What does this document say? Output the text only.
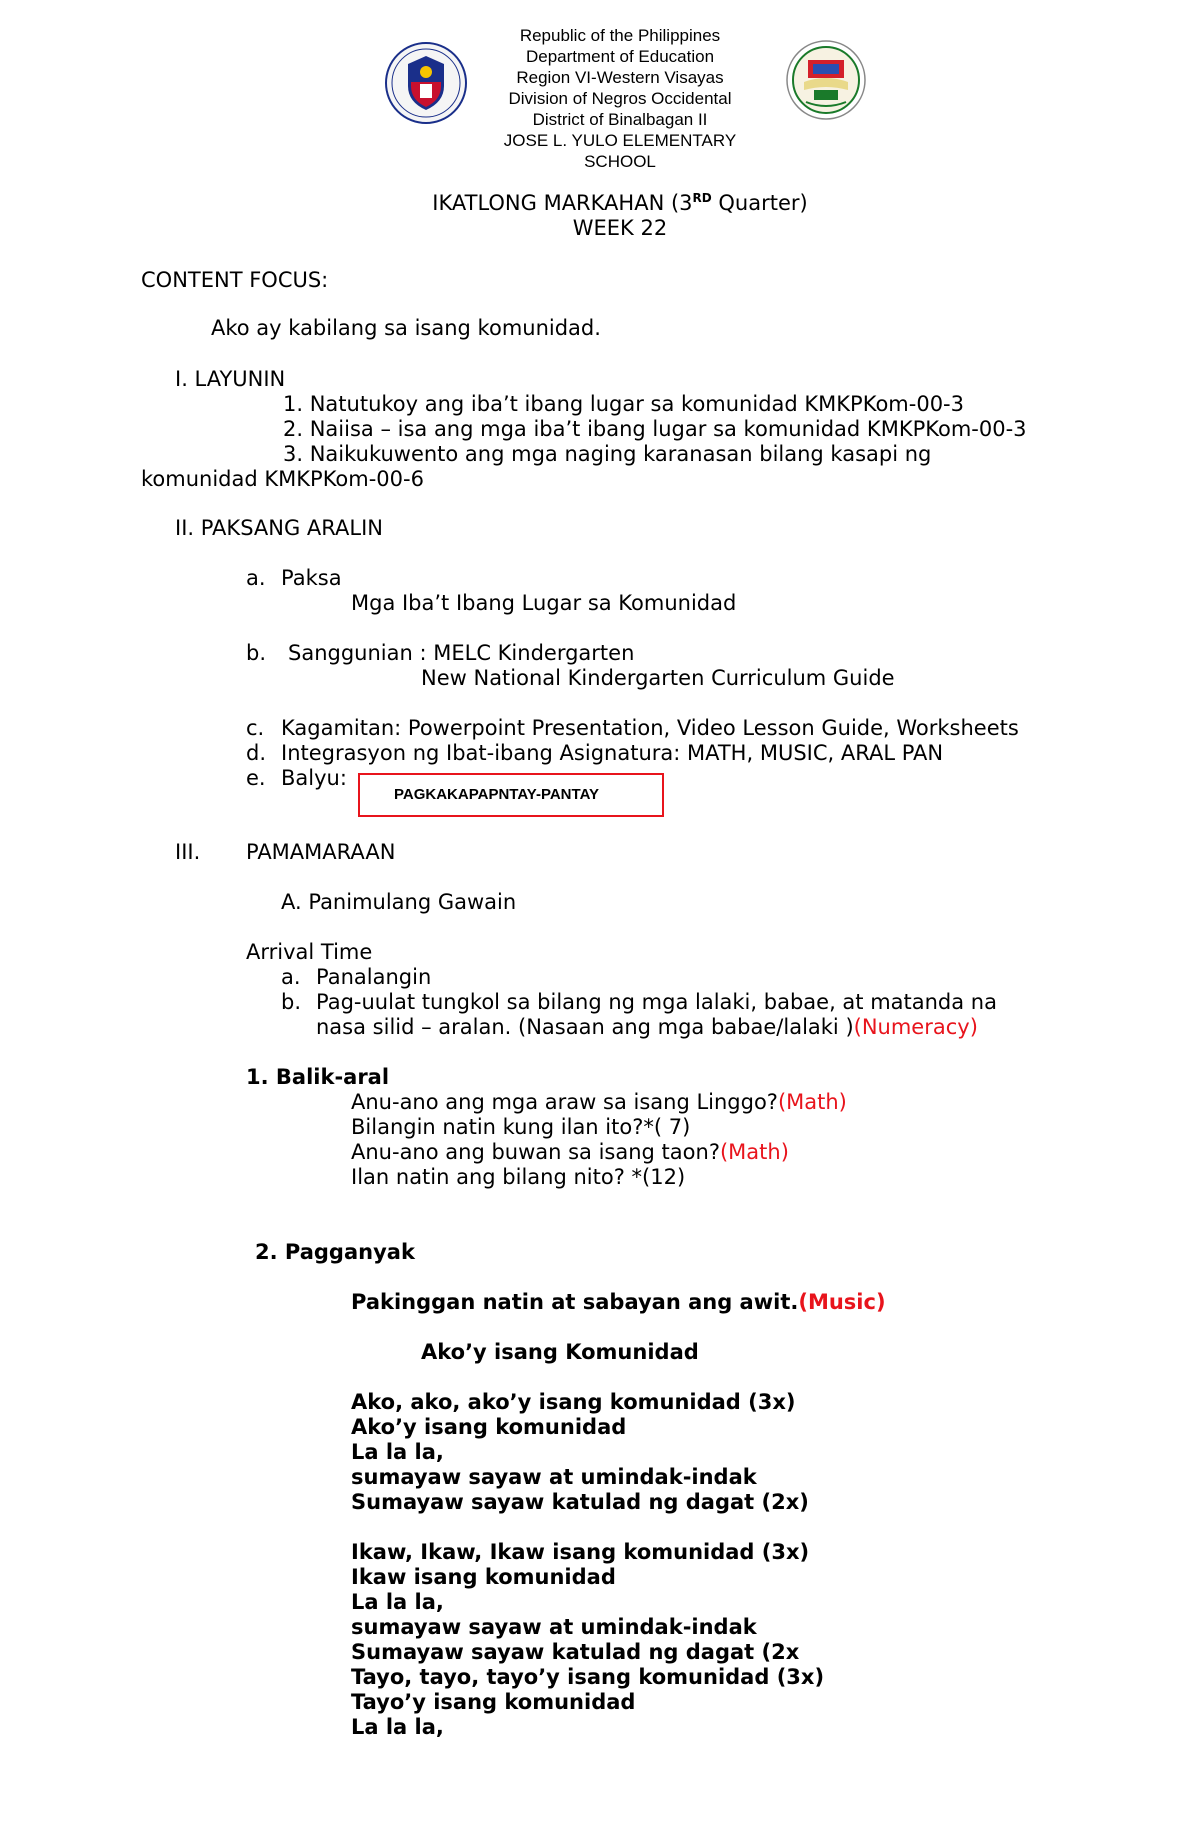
Republic of the Philippines
Department of Education
Region VI-Western Visayas
Division of Negros Occidental
District of Binalbagan II
JOSE L. YULO ELEMENTARY
SCHOOL
IKATLONG MARKAHAN (3RD Quarter)
WEEK 22
CONTENT FOCUS:
Ako ay kabilang sa isang komunidad.
I. LAYUNIN
1. Natutukoy ang iba’t ibang lugar sa komunidad KMKPKom-00-3
2. Naiisa – isa ang mga iba’t ibang lugar sa komunidad KMKPKom-00-3
3. Naikukuwento ang mga naging karanasan bilang kasapi ng
komunidad KMKPKom-00-6
II. PAKSANG ARALIN
a. Paksa
Mga Iba’t Ibang Lugar sa Komunidad
b. Sanggunian : MELC Kindergarten
New National Kindergarten Curriculum Guide
c. Kagamitan: Powerpoint Presentation, Video Lesson Guide, Worksheets
d. Integrasyon ng Ibat-ibang Asignatura: MATH, MUSIC, ARAL PAN
e. Balyu:
PAGKAKAPAPNTAY-PANTAY
III. PAMAMARAAN
A. Panimulang Gawain
Arrival Time
a. Panalangin
b. Pag-uulat tungkol sa bilang ng mga lalaki, babae, at matanda na
nasa silid – aralan. (Nasaan ang mga babae/lalaki )(Numeracy)
1. Balik-aral
Anu-ano ang mga araw sa isang Linggo?(Math)
Bilangin natin kung ilan ito?*( 7)
Anu-ano ang buwan sa isang taon?(Math)
Ilan natin ang bilang nito? *(12)
2. Pagganyak
Pakinggan natin at sabayan ang awit.(Music)
Ako’y isang Komunidad
Ako, ako, ako’y isang komunidad (3x)
Ako’y isang komunidad
La la la,
sumayaw sayaw at umindak-indak
Sumayaw sayaw katulad ng dagat (2x)
Ikaw, Ikaw, Ikaw isang komunidad (3x)
Ikaw isang komunidad
La la la,
sumayaw sayaw at umindak-indak
Sumayaw sayaw katulad ng dagat (2x
Tayo, tayo, tayo’y isang komunidad (3x)
Tayo’y isang komunidad
La la la,
